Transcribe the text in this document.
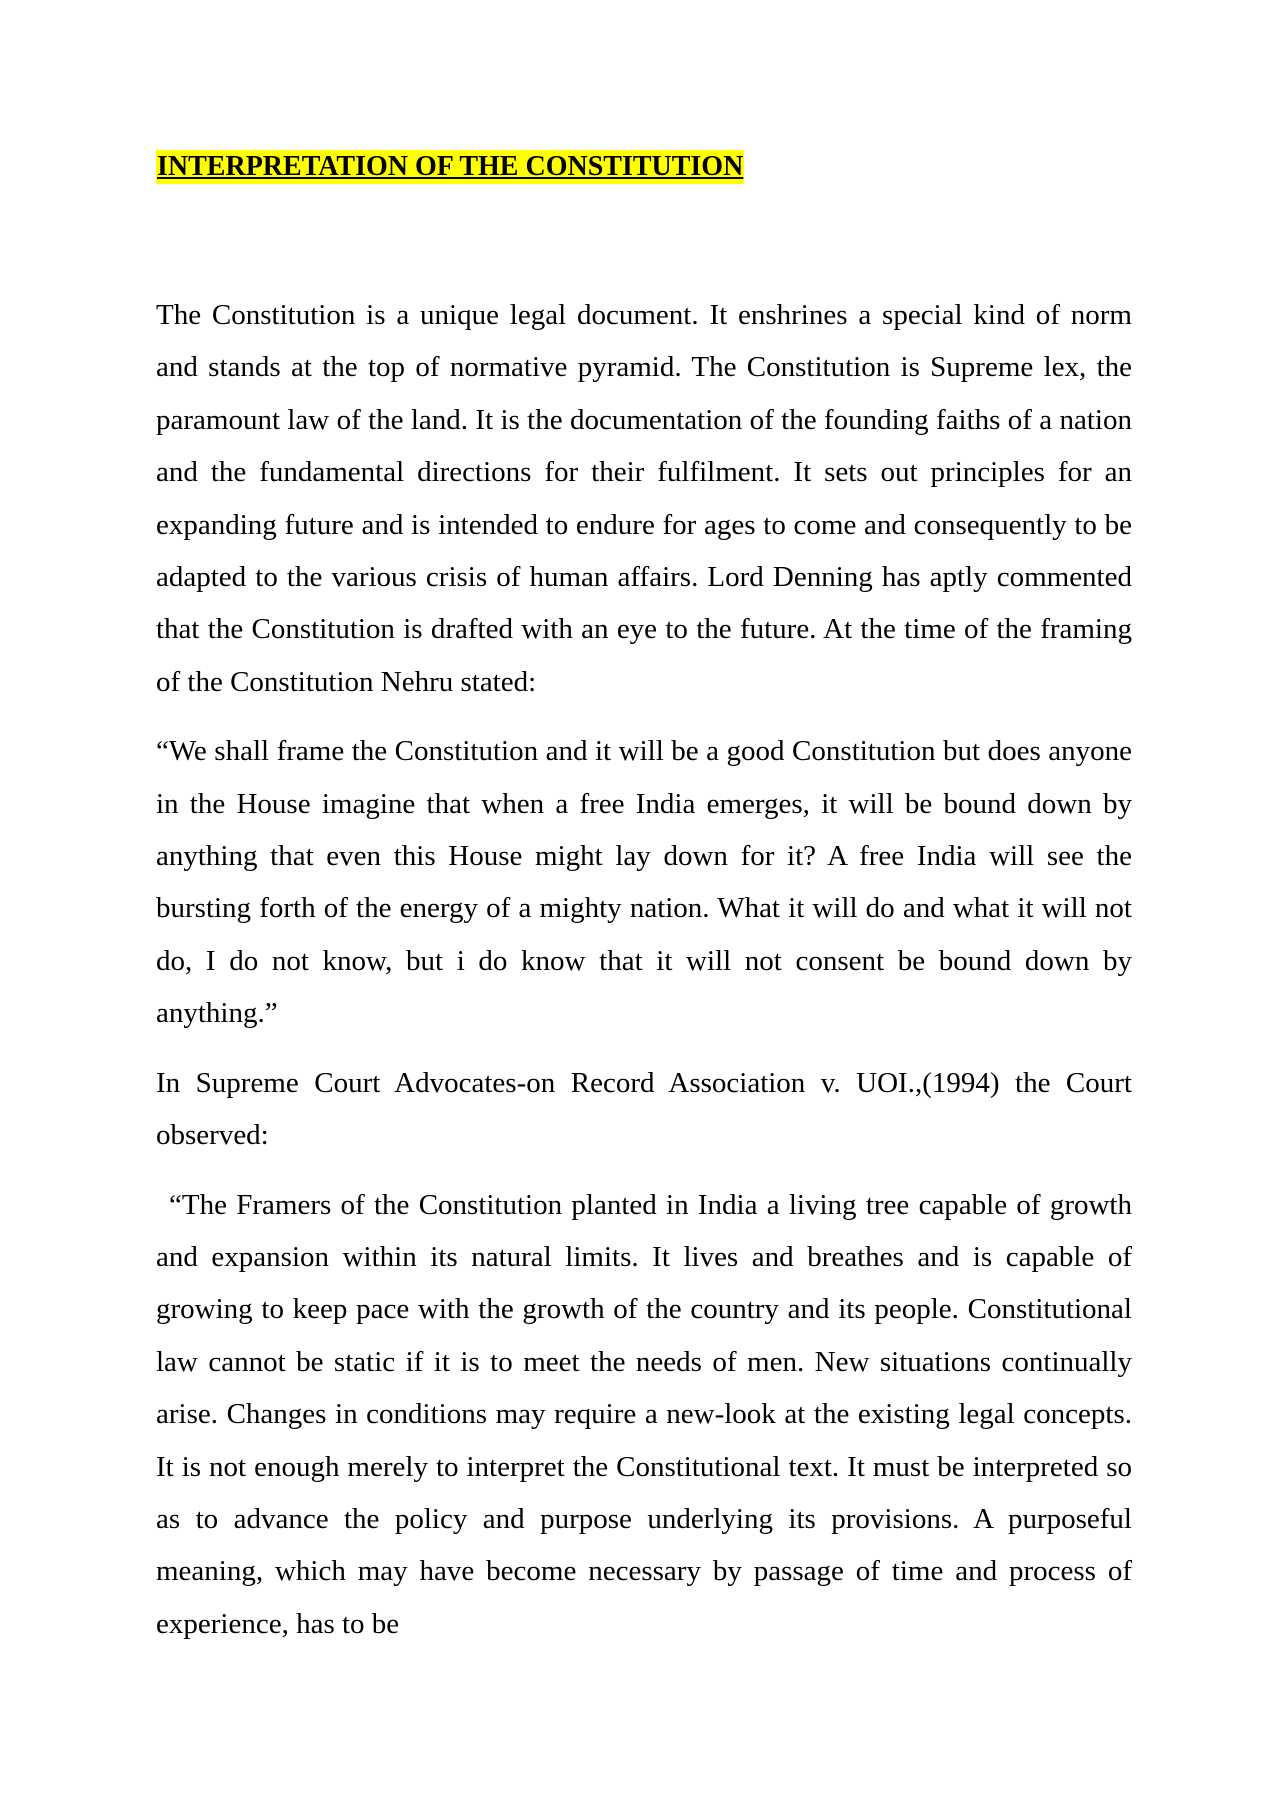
INTERPRETATION OF THE CONSTITUTION

The Constitution is a unique legal document. It enshrines a special kind of norm and stands at the top of normative pyramid. The Constitution is Supreme lex, the paramount law of the land. It is the documentation of the founding faiths of a nation and the fundamental directions for their fulfilment. It sets out principles for an expanding future and is intended to endure for ages to come and consequently to be adapted to the various crisis of human affairs. Lord Denning has aptly commented that the Constitution is drafted with an eye to the future. At the time of the framing of the Constitution Nehru stated:

“We shall frame the Constitution and it will be a good Constitution but does anyone in the House imagine that when a free India emerges, it will be bound down by anything that even this House might lay down for it? A free India will see the bursting forth of the energy of a mighty nation. What it will do and what it will not do, I do not know, but i do know that it will not consent be bound down by anything.”

In Supreme Court Advocates-on Record Association v. UOI.,(1994) the Court observed:

“The Framers of the Constitution planted in India a living tree capable of growth and expansion within its natural limits. It lives and breathes and is capable of growing to keep pace with the growth of the country and its people. Constitutional law cannot be static if it is to meet the needs of men. New situations continually arise. Changes in conditions may require a new-look at the existing legal concepts. It is not enough merely to interpret the Constitutional text. It must be interpreted so as to advance the policy and purpose underlying its provisions. A purposeful meaning, which may have become necessary by passage of time and process of experience, has to be
